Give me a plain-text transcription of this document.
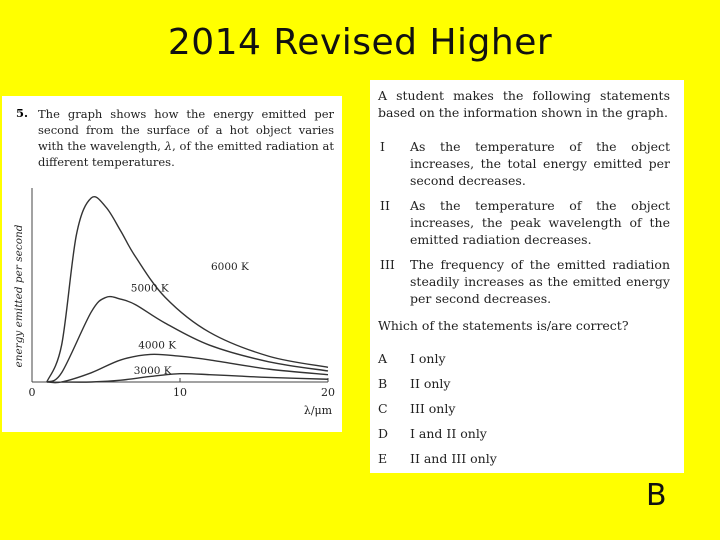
2014 Revised Higher
5. The graph shows how the energy emitted per second from the surface of a hot object varies with the wavelength, λ, of the emitted radiation at different temperatures.
6000 K
5000 K
4000 K
3000 K
0	10	20
energy emitted per second
λ/μm
A student makes the following statements based on the information shown in the graph.
I As the temperature of the object increases, the total energy emitted per second decreases.
II As the temperature of the object increases, the peak wavelength of the emitted radiation decreases.
III The frequency of the emitted radiation steadily increases as the emitted energy per second decreases.
Which of the statements is/are correct?
A I only
B II only
C III only
D I and II only
E II and III only
B
